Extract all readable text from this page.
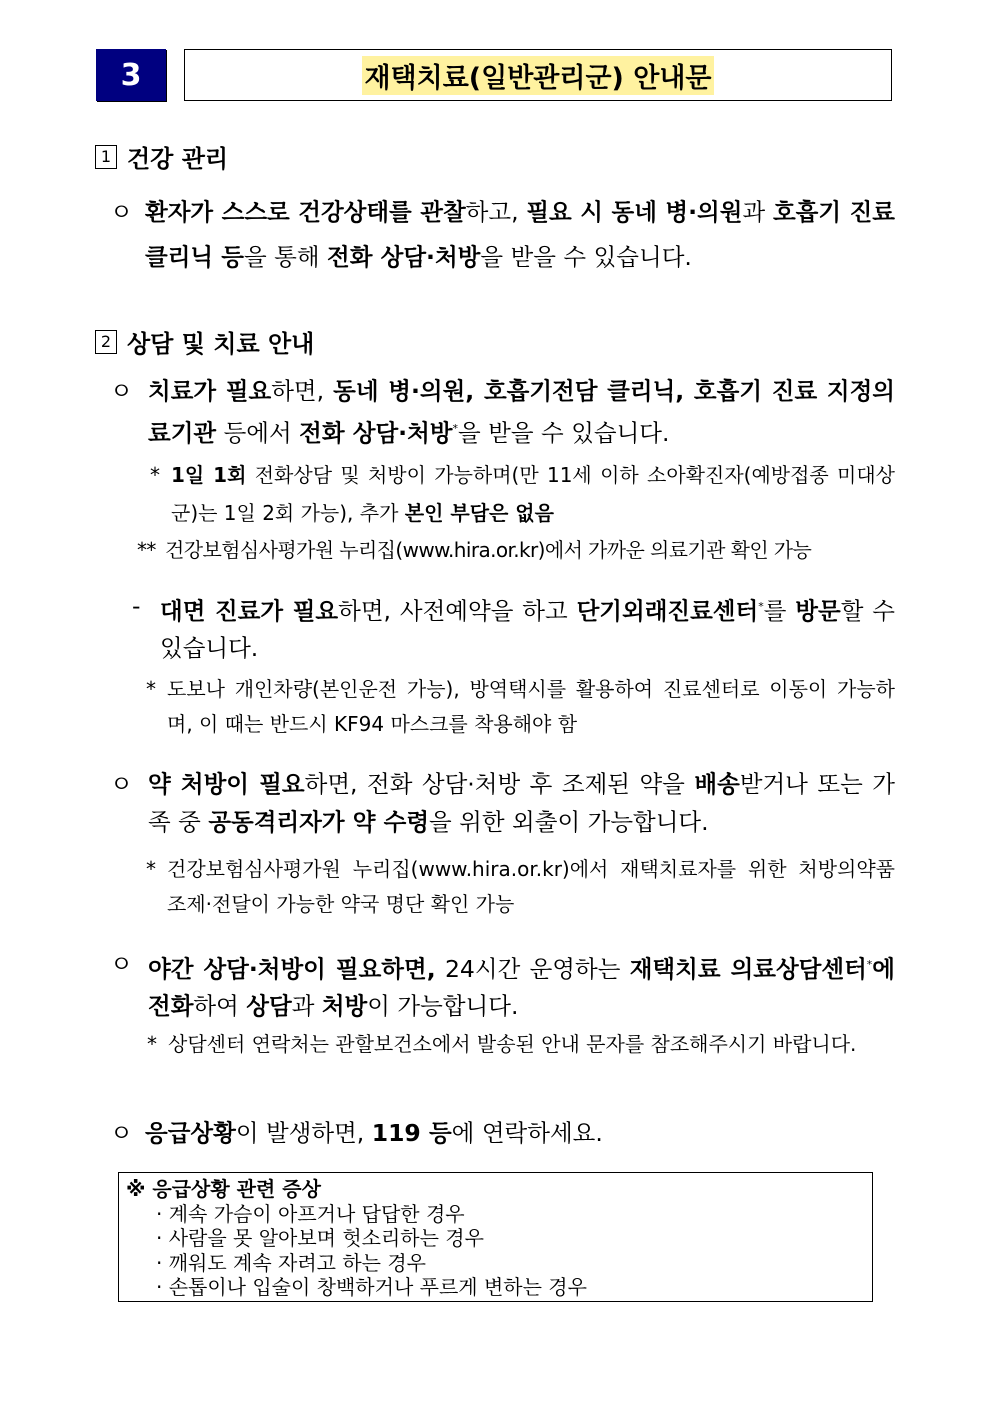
3	재택치료(일반관리군) 안내문
1 건강 관리
ㅇ 환자가 스스로 건강상태를 관찰하고, 필요 시 동네 병·의원과 호흡기 진료 클리닉 등을 통해 전화 상담·처방을 받을 수 있습니다.
2 상담 및 치료 안내
ㅇ 치료가 필요하면, 동네 병·의원, 호흡기전담 클리닉, 호흡기 진료 지정의료기관 등에서 전화 상담·처방*을 받을 수 있습니다.
* 1일 1회 전화상담 및 처방이 가능하며(만 11세 이하 소아확진자(예방접종 미대상군)는 1일 2회 가능), 추가 본인 부담은 없음
** 건강보험심사평가원 누리집(www.hira.or.kr)에서 가까운 의료기관 확인 가능
- 대면 진료가 필요하면, 사전예약을 하고 단기외래진료센터*를 방문할 수 있습니다.
* 도보나 개인차량(본인운전 가능), 방역택시를 활용하여 진료센터로 이동이 가능하며, 이 때는 반드시 KF94 마스크를 착용해야 함
ㅇ 약 처방이 필요하면, 전화 상담·처방 후 조제된 약을 배송받거나 또는 가족 중 공동격리자가 약 수령을 위한 외출이 가능합니다.
* 건강보험심사평가원 누리집(www.hira.or.kr)에서 재택치료자를 위한 처방의약품 조제·전달이 가능한 약국 명단 확인 가능
ㅇ 야간 상담·처방이 필요하면, 24시간 운영하는 재택치료 의료상담센터*에 전화하여 상담과 처방이 가능합니다.
* 상담센터 연락처는 관할보건소에서 발송된 안내 문자를 참조해주시기 바랍니다.
ㅇ 응급상황이 발생하면, 119 등에 연락하세요.
※ 응급상황 관련 증상
· 계속 가슴이 아프거나 답답한 경우
· 사람을 못 알아보며 헛소리하는 경우
· 깨워도 계속 자려고 하는 경우
· 손톱이나 입술이 창백하거나 푸르게 변하는 경우
